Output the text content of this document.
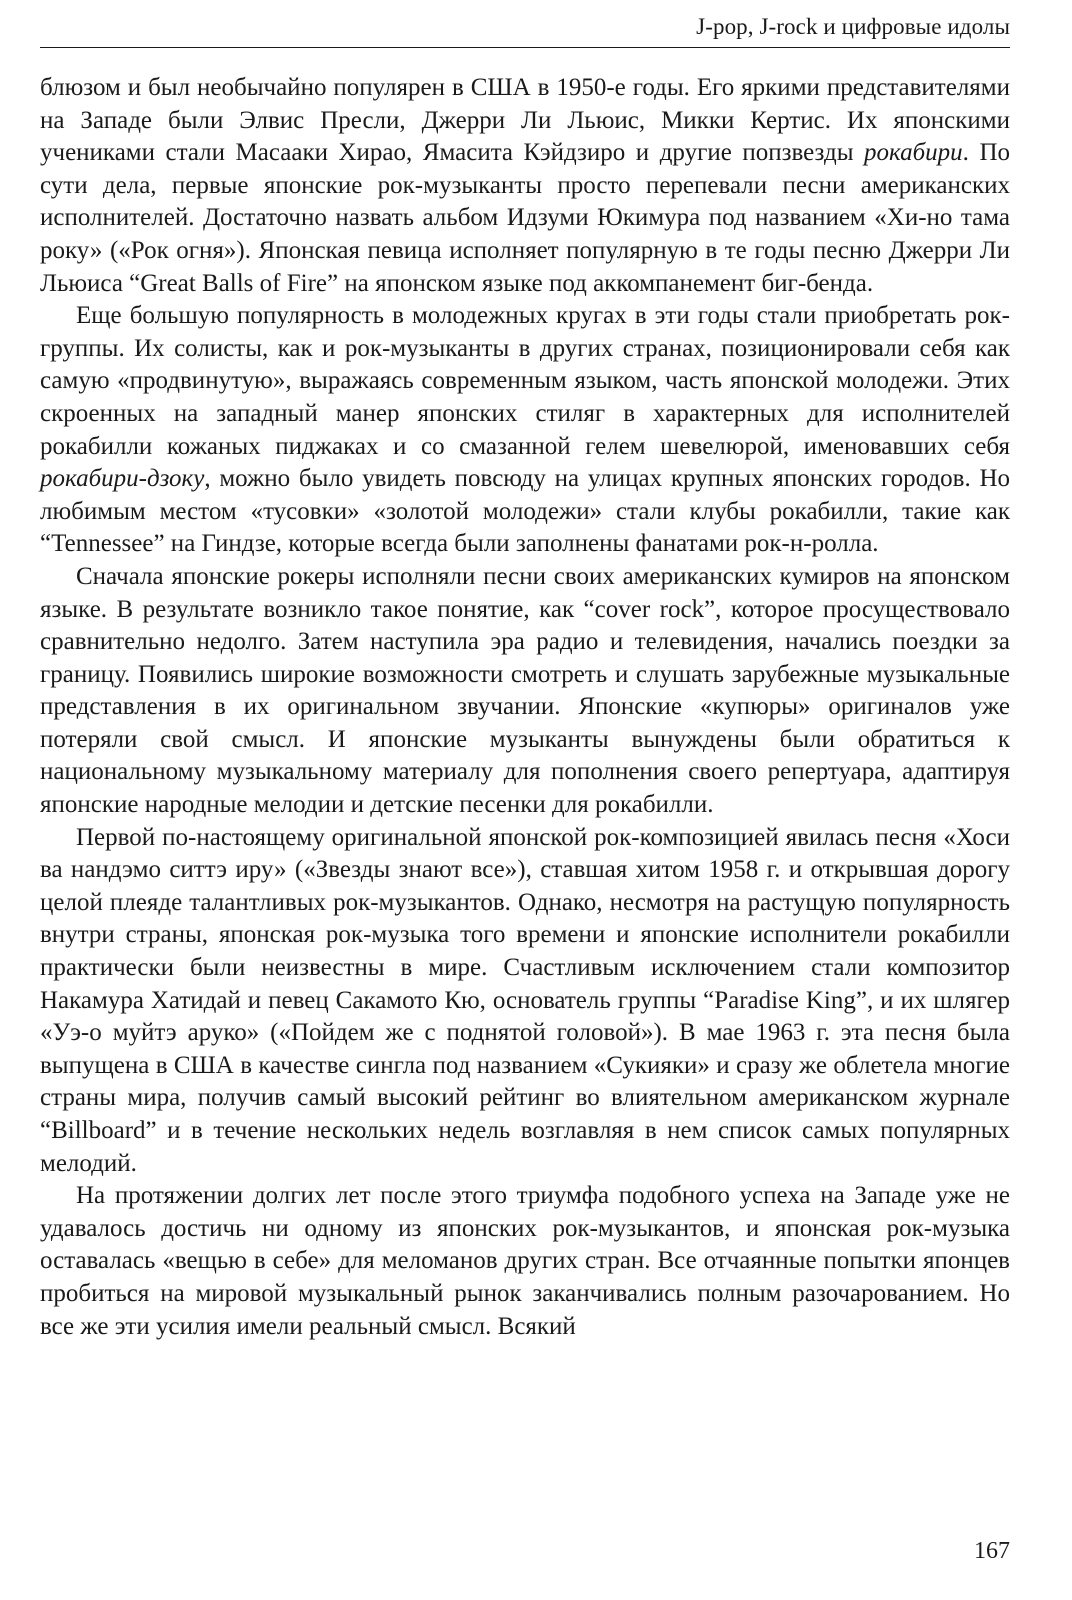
J-pop, J-rock и цифровые идолы

блюзом и был необычайно популярен в США в 1950-е годы. Его яркими представителями на Западе были Элвис Пресли, Джерри Ли Льюис, Микки Кертис. Их японскими учениками стали Масааки Хирао, Ямасита Кэйдзиро и другие попзвезды рокабири. По сути дела, первые японские рок-музыканты просто перепевали песни американских исполнителей. Достаточно назвать альбом Идзуми Юкимура под названием «Хи-но тама року» («Рок огня»). Японская певица исполняет популярную в те годы песню Джерри Ли Льюиса “Great Balls of Fire” на японском языке под аккомпанемент биг-бенда.

Еще большую популярность в молодежных кругах в эти годы стали приобретать рок-группы. Их солисты, как и рок-музыканты в других странах, позиционировали себя как самую «продвинутую», выражаясь современным языком, часть японской молодежи. Этих скроенных на западный манер японских стиляг в характерных для исполнителей рокабилли кожаных пиджаках и со смазанной гелем шевелюрой, именовавших себя рокабири-дзоку, можно было увидеть повсюду на улицах крупных японских городов. Но любимым местом «тусовки» «золотой молодежи» стали клубы рокабилли, такие как “Tennessee” на Гиндзе, которые всегда были заполнены фанатами рок-н-ролла.

Сначала японские рокеры исполняли песни своих американских кумиров на японском языке. В результате возникло такое понятие, как “cover rock”, которое просуществовало сравнительно недолго. Затем наступила эра радио и телевидения, начались поездки за границу. Появились широкие возможности смотреть и слушать зарубежные музыкальные представления в их оригинальном звучании. Японские «купюры» оригиналов уже потеряли свой смысл. И японские музыканты вынуждены были обратиться к национальному музыкальному материалу для пополнения своего репертуара, адаптируя японские народные мелодии и детские песенки для рокабилли.

Первой по-настоящему оригинальной японской рок-композицией явилась песня «Хоси ва нандэмо ситтэ иру» («Звезды знают все»), ставшая хитом 1958 г. и открывшая дорогу целой плеяде талантливых рок-музыкантов. Однако, несмотря на растущую популярность внутри страны, японская рок-музыка того времени и японские исполнители рокабилли практически были неизвестны в мире. Счастливым исключением стали композитор Накамура Хатидай и певец Сакамото Кю, основатель группы “Paradise King”, и их шлягер «Уэ-о муйтэ аруко» («Пойдем же с поднятой головой»). В мае 1963 г. эта песня была выпущена в США в качестве сингла под названием «Сукияки» и сразу же облетела многие страны мира, получив самый высокий рейтинг во влиятельном американском журнале “Billboard” и в течение нескольких недель возглавляя в нем список самых популярных мелодий.

На протяжении долгих лет после этого триумфа подобного успеха на Западе уже не удавалось достичь ни одному из японских рок-музыкантов, и японская рок-музыка оставалась «вещью в себе» для меломанов других стран. Все отчаянные попытки японцев пробиться на мировой музыкальный рынок заканчивались полным разочарованием. Но все же эти усилия имели реальный смысл. Всякий

167
